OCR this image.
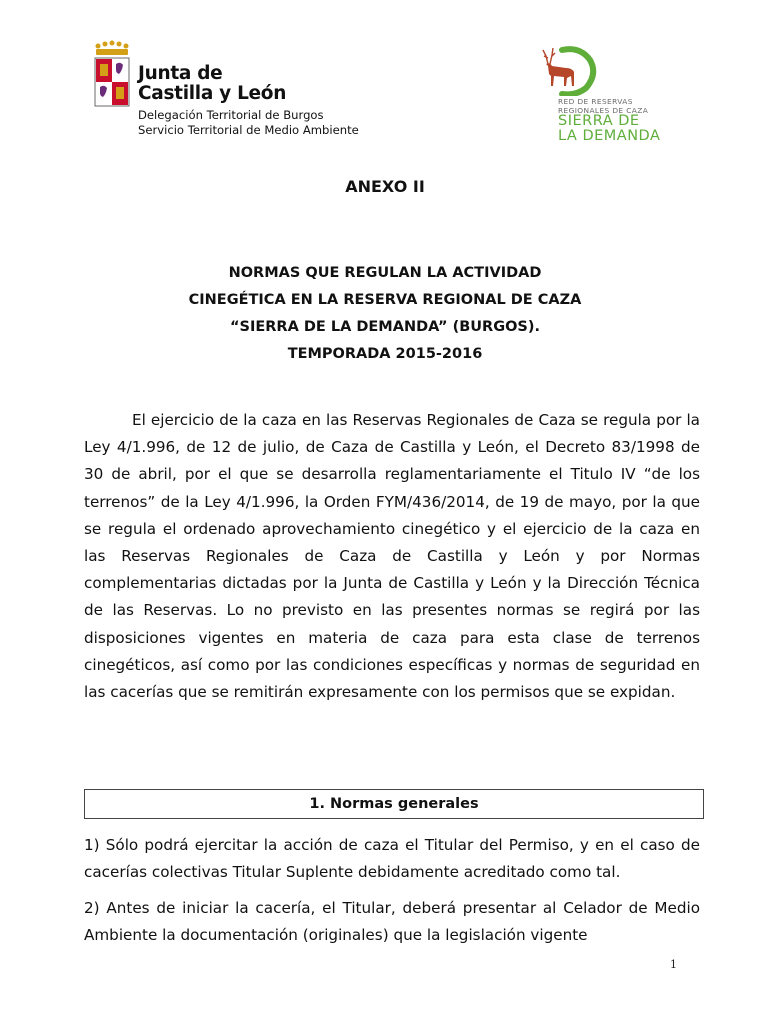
Junta de
Castilla y León
Delegación Territorial de Burgos
Servicio Territorial de Medio Ambiente
RED DE RESERVAS
REGIONALES DE CAZA
SIERRA DE
LA DEMANDA
ANEXO II
NORMAS QUE REGULAN LA ACTIVIDAD
CINEGÉTICA EN LA RESERVA REGIONAL DE CAZA
“SIERRA DE LA DEMANDA” (BURGOS).
TEMPORADA 2015-2016

El ejercicio de la caza en las Reservas Regionales de Caza se regula por la Ley 4/1.996, de 12 de julio, de Caza de Castilla y León, el Decreto 83/1998 de 30 de abril, por el que se desarrolla reglamentariamente el Titulo IV “de los terrenos” de la Ley 4/1.996, la Orden FYM/436/2014, de 19 de mayo, por la que se regula el ordenado aprovechamiento cinegético y el ejercicio de la caza en las Reservas Regionales de Caza de Castilla y León y por Normas complementarias dictadas por la Junta de Castilla y León y la Dirección Técnica de las Reservas. Lo no previsto en las presentes normas se regirá por las disposiciones vigentes en materia de caza para esta clase de terrenos cinegéticos, así como por las condiciones específicas y normas de seguridad en las cacerías que se remitirán expresamente con los permisos que se expidan.

1. Normas generales

1) Sólo podrá ejercitar la acción de caza el Titular del Permiso, y en el caso de cacerías colectivas Titular Suplente debidamente acreditado como tal.

2) Antes de iniciar la cacería, el Titular, deberá presentar al Celador de Medio Ambiente la documentación (originales) que la legislación vigente

1
